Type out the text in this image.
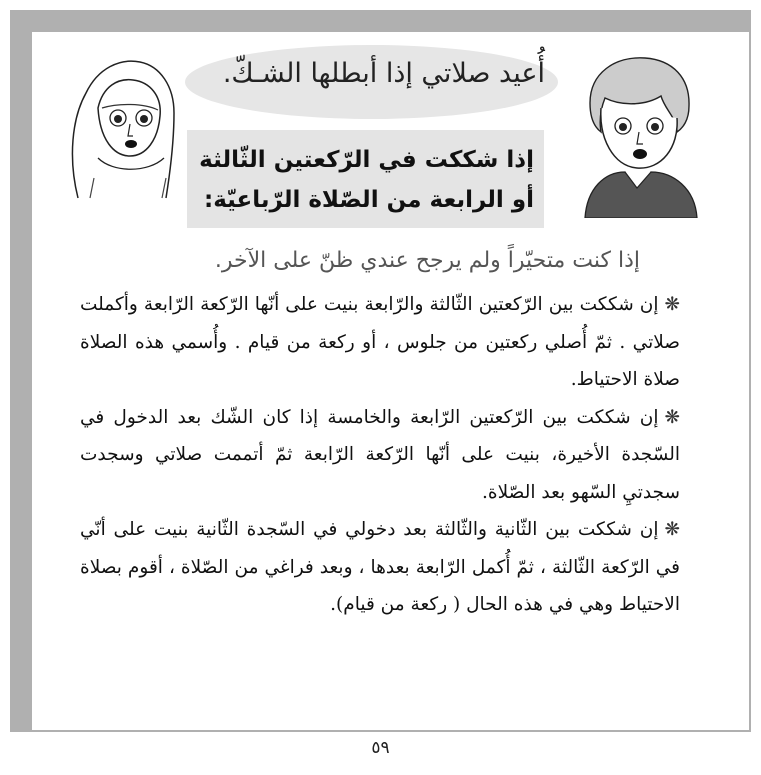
أُعيد صلاتي إذا أبطلها الشـكّ.
إذا شككت في الرّكعتين الثّالثة
أو الرابعة من الصّلاة الرّباعيّة:
إذا كنت متحيّراً ولم يرجح عندي ظنّ على الآخر.

❋إن شككت بين الرّكعتين الثّالثة والرّابعة بنيت على أنّها الرّكعة الرّابعة وأكملت صلاتي . ثمّ أُصلي ركعتين من جلوس ، أو ركعة من قيام . وأُسمي هذه الصلاة صلاة الاحتياط.

❋إن شككت بين الرّكعتين الرّابعة والخامسة إذا كان الشّك بعد الدخول في السّجدة الأخيرة، بنيت على أنّها الرّكعة الرّابعة ثمّ أتممت صلاتي وسجدت سجدتيِ السّهو بعد الصّلاة.

❋إن شككت بين الثّانية والثّالثة بعد دخولي في السّجدة الثّانية بنيت على أنّي في الرّكعة الثّالثة ، ثمّ أُكمل الرّابعة بعدها ، وبعد فراغي من الصّلاة ، أقوم بصلاة الاحتياط وهي في هذه الحال ( ركعة من قيام).

٥٩
